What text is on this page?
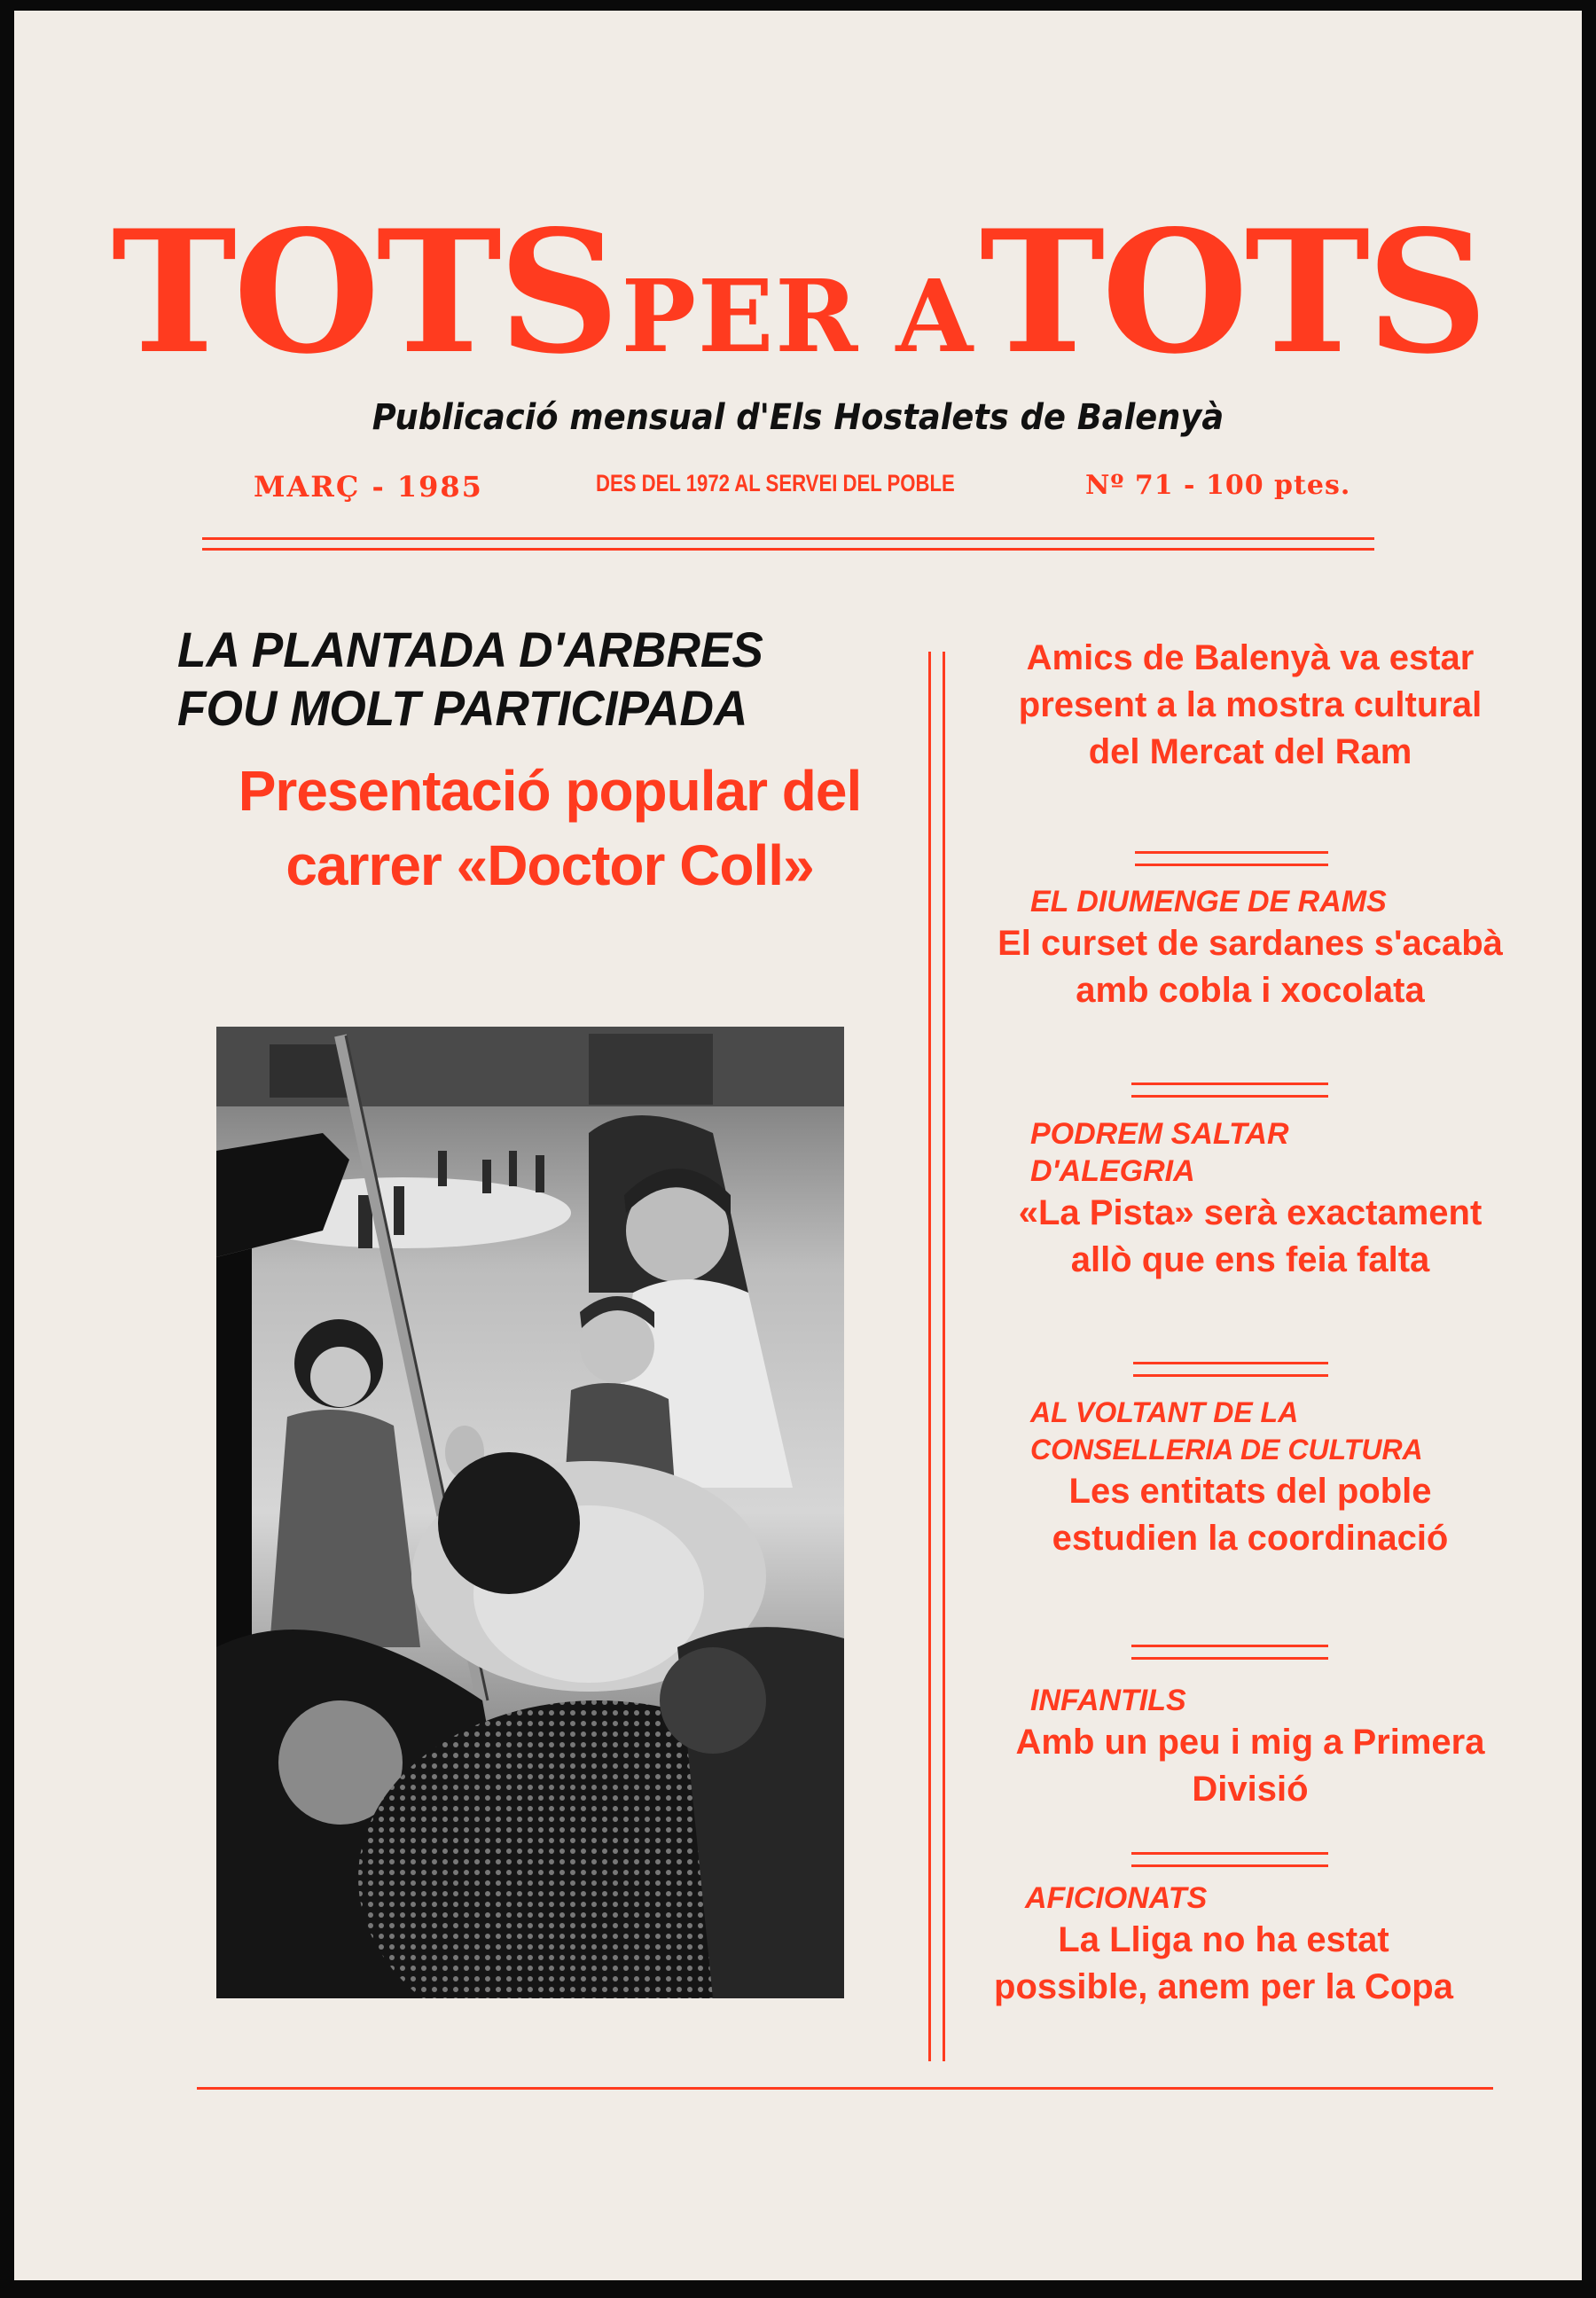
TOTS PER A TOTS
Publicació mensual d'Els Hostalets de Balenyà
MARÇ - 1985	DES DEL 1972 AL SERVEI DEL POBLE	Nº 71 - 100 ptes.
LA PLANTADA D'ARBRES FOU MOLT PARTICIPADA
Presentació popular del carrer «Doctor Coll»
Amics de Balenyà va estar present a la mostra cultural del Mercat del Ram
EL DIUMENGE DE RAMS
El curset de sardanes s'acabà amb cobla i xocolata
PODREM SALTAR D'ALEGRIA
«La Pista» serà exactament allò que ens feia falta
AL VOLTANT DE LA CONSELLERIA DE CULTURA
Les entitats del poble estudien la coordinació
INFANTILS
Amb un peu i mig a Primera Divisió
AFICIONATS
La Lliga no ha estat possible, anem per la Copa
